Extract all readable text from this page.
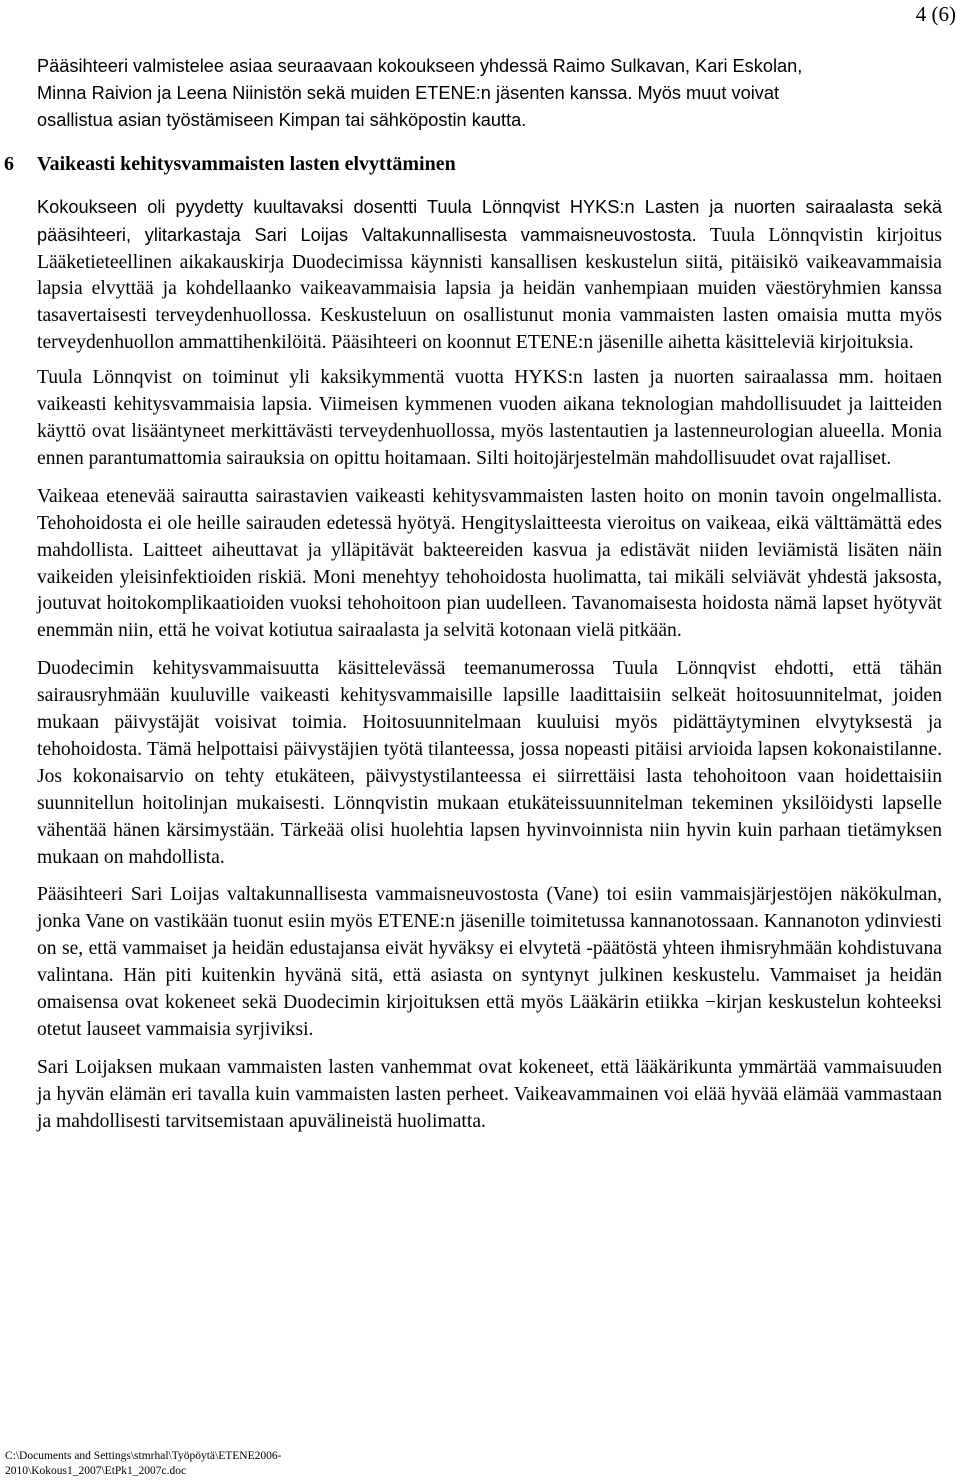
4 (6)

Pääsihteeri valmistelee asiaa seuraavaan kokoukseen yhdessä Raimo Sulkavan, Kari Eskolan,
Minna Raivion ja Leena Niinistön sekä muiden ETENE:n jäsenten kanssa. Myös muut voivat
osallistua asian työstämiseen Kimpan tai sähköpostin kautta.

6 Vaikeasti kehitysvammaisten lasten elvyttäminen

Kokoukseen oli pyydetty kuultavaksi dosentti Tuula Lönnqvist HYKS:n Lasten ja nuorten sairaalasta sekä pääsihteeri, ylitarkastaja Sari Loijas Valtakunnallisesta vammaisneuvostosta. Tuula Lönnqvistin kirjoitus Lääketieteellinen aikakauskirja Duodecimissa käynnisti kansallisen keskustelun siitä, pitäisikö vaikeavammaisia lapsia elvyttää ja kohdellaanko vaikeavammaisia lapsia ja heidän vanhempiaan muiden väestöryhmien kanssa tasavertaisesti terveydenhuollossa. Keskusteluun on osallistunut monia vammaisten lasten omaisia mutta myös terveydenhuollon ammattihenkilöitä. Pääsihteeri on koonnut ETENE:n jäsenille aihetta käsitteleviä kirjoituksia.

Tuula Lönnqvist on toiminut yli kaksikymmentä vuotta HYKS:n lasten ja nuorten sairaalassa mm. hoitaen vaikeasti kehitysvammaisia lapsia. Viimeisen kymmenen vuoden aikana teknologian mahdollisuudet ja laitteiden käyttö ovat lisääntyneet merkittävästi terveydenhuollossa, myös lastentautien ja lastenneurologian alueella. Monia ennen parantumattomia sairauksia on opittu hoitamaan. Silti hoitojärjestelmän mahdollisuudet ovat rajalliset.

Vaikeaa etenevää sairautta sairastavien vaikeasti kehitysvammaisten lasten hoito on monin tavoin ongelmallista. Tehohoidosta ei ole heille sairauden edetessä hyötyä. Hengityslaitteesta vieroitus on vaikeaa, eikä välttämättä edes mahdollista. Laitteet aiheuttavat ja ylläpitävät bakteereiden kasvua ja edistävät niiden leviämistä lisäten näin vaikeiden yleisinfektioiden riskiä. Moni menehtyy tehohoidosta huolimatta, tai mikäli selviävät yhdestä jaksosta, joutuvat hoitokomplikaatioiden vuoksi tehohoitoon pian uudelleen. Tavanomaisesta hoidosta nämä lapset hyötyvät enemmän niin, että he voivat kotiutua sairaalasta ja selvitä kotonaan vielä pitkään.

Duodecimin kehitysvammaisuutta käsittelevässä teemanumerossa Tuula Lönnqvist ehdotti, että tähän sairausryhmään kuuluville vaikeasti kehitysvammaisille lapsille laadittaisiin selkeät hoitosuunnitelmat, joiden mukaan päivystäjät voisivat toimia. Hoitosuunnitelmaan kuuluisi myös pidättäytyminen elvytyksestä ja tehohoidosta. Tämä helpottaisi päivystäjien työtä tilanteessa, jossa nopeasti pitäisi arvioida lapsen kokonaistilanne. Jos kokonaisarvio on tehty etukäteen, päivystystilanteessa ei siirrettäisi lasta tehohoitoon vaan hoidettaisiin suunnitellun hoitolinjan mukaisesti. Lönnqvistin mukaan etukäteissuunnitelman tekeminen yksilöidysti lapselle vähentää hänen kärsimystään. Tärkeää olisi huolehtia lapsen hyvinvoinnista niin hyvin kuin parhaan tietämyksen mukaan on mahdollista.

Pääsihteeri Sari Loijas valtakunnallisesta vammaisneuvostosta (Vane) toi esiin vammaisjärjestöjen näkökulman, jonka Vane on vastikään tuonut esiin myös ETENE:n jäsenille toimitetussa kannanotossaan. Kannanoton ydinviesti on se, että vammaiset ja heidän edustajansa eivät hyväksy ei elvytetä -päätöstä yhteen ihmisryhmään kohdistuvana valintana. Hän piti kuitenkin hyvänä sitä, että asiasta on syntynyt julkinen keskustelu. Vammaiset ja heidän omaisensa ovat kokeneet sekä Duodecimin kirjoituksen että myös Lääkärin etiikka −kirjan keskustelun kohteeksi otetut lauseet vammaisia syrjiviksi.

Sari Loijaksen mukaan vammaisten lasten vanhemmat ovat kokeneet, että lääkärikunta ymmärtää vammaisuuden ja hyvän elämän eri tavalla kuin vammaisten lasten perheet. Vaikeavammainen voi elää hyvää elämää vammastaan ja mahdollisesti tarvitsemistaan apuvälineistä huolimatta.

C:\Documents and Settings\stmrhal\Työpöytä\ETENE2006-
2010\Kokous1_2007\EtPk1_2007c.doc
